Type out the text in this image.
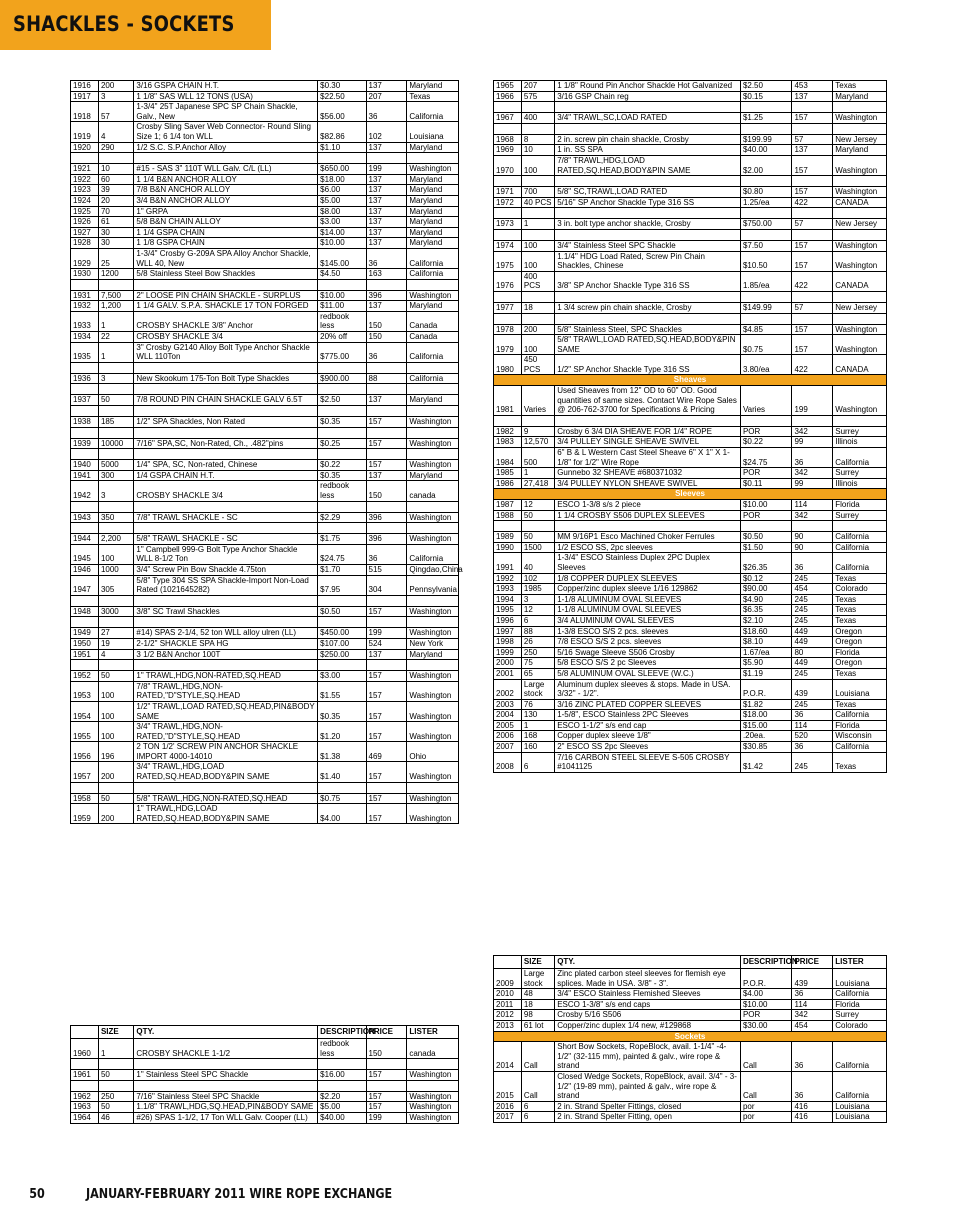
SHACKLES - SOCKETS
1916	200	3/16 GSPA CHAIN H.T.	$0.30	137	Maryland
1917	3	1 1/8" SAS WLL 12 TONS (USA)	$22.50	207	Texas
1918	57	1-3/4" 25T Japanese SPC SP Chain Shackle, Galv., New	$56.00	36	California
1919	4	Crosby Sling Saver Web Connector- Round Sling Size 1; 6 1/4 ton WLL	$82.86	102	Louisiana
1920	290	1/2 S.C. S.P.Anchor Alloy	$1.10	137	Maryland

1921	10	#15 - SAS 3" 110T WLL Galv. C/L (LL)	$650.00	199	Washington
1922	60	1 1/4 B&N ANCHOR ALLOY	$18.00	137	Maryland
1923	39	7/8 B&N ANCHOR ALLOY	$6.00	137	Maryland
1924	20	3/4 B&N ANCHOR ALLOY	$5.00	137	Maryland
1925	70	1" GRPA	$8.00	137	Maryland
1926	61	5/8 B&N CHAIN ALLOY	$3.00	137	Maryland
1927	30	1 1/4 GSPA CHAIN	$14.00	137	Maryland
1928	30	1 1/8 GSPA CHAIN	$10.00	137	Maryland
1929	25	1-3/4" Crosby G-209A SPA Alloy Anchor Shackle, WLL 40, New	$145.00	36	California
1930	1200	5/8 Stainless Steel Bow Shackles	$4.50	163	California

1931	7,500	2" LOOSE PIN CHAIN SHACKLE - SURPLUS	$10.00	396	Washington
1932	1,200	1 1/4 GALV. S.P.A. SHACKLE 17 TON FORGED	$11.00	137	Maryland
1933	1	CROSBY SHACKLE 3/8" Anchor	redbook less	150	Canada
1934	22	CROSBY SHACKLE 3/4	20% off	150	Canada
1935	1	3" Crosby G2140 Alloy Bolt Type Anchor Shackle WLL 110Ton	$775.00	36	California

1936	3	New Skookum 175-Ton Bolt Type Shackles	$900.00	88	California

1937	50	7/8 ROUND PIN CHAIN SHACKLE GALV 6.5T	$2.50	137	Maryland

1938	185	1/2" SPA Shackles, Non Rated	$0.35	157	Washington

1939	10000	7/16" SPA,SC, Non-Rated, Ch., .482"pins	$0.25	157	Washington

1940	5000	1/4" SPA, SC, Non-rated, Chinese	$0.22	157	Washington
1941	300	1/4 GSPA CHAIN H.T.	$0.35	137	Maryland
1942	3	CROSBY SHACKLE 3/4	redbook less	150	canada

1943	350	7/8" TRAWL SHACKLE - SC	$2.29	396	Washington

1944	2,200	5/8" TRAWL SHACKLE - SC	$1.75	396	Washington
1945	100	1" Campbell 999-G Bolt Type Anchor Shackle WLL 8-1/2 Ton	$24.75	36	California
1946	1000	3/4" Screw Pin Bow Shackle 4.75ton	$1.70	515	Qingdao,China
1947	305	5/8" Type 304 SS SPA Shackle-Import Non-Load Rated (1021645282)	$7.95	304	Pennsylvania

1948	3000	3/8" SC Trawl Shackles	$0.50	157	Washington

1949	27	#14) SPAS 2-1/4, 52 ton WLL alloy ulren (LL)	$450.00	199	Washington
1950	19	2-1/2" SHACKLE SPA HG	$107.00	524	New York
1951	4	3 1/2 B&N Anchor 100T	$250.00	137	Maryland

1952	50	1" TRAWL,HDG,NON-RATED,SQ.HEAD	$3.00	157	Washington
1953	100	7/8" TRAWL,HDG,NON-RATED,"D"STYLE,SQ.HEAD	$1.55	157	Washington
1954	100	1/2" TRAWL,LOAD RATED,SQ.HEAD,PIN&BODY SAME	$0.35	157	Washington
1955	100	3/4" TRAWL,HDG,NON-RATED,"D"STYLE,SQ.HEAD	$1.20	157	Washington
1956	196	2 TON 1/2' SCREW PIN ANCHOR SHACKLE IMPORT 4000-14010	$1.38	469	Ohio
1957	200	3/4" TRAWL,HDG,LOAD RATED,SQ.HEAD,BODY&PIN SAME	$1.40	157	Washington

1958	50	5/8" TRAWL,HDG,NON-RATED,SQ.HEAD	$0.75	157	Washington
1959	200	1" TRAWL,HDG,LOAD RATED,SQ.HEAD,BODY&PIN SAME	$4.00	157	Washington
	SIZE	QTY.	DESCRIPTION	PRICE	LISTER
1960	1	CROSBY SHACKLE 1-1/2	redbook less	150	canada

1961	50	1" Stainless Steel SPC Shackle	$16.00	157	Washington

1962	250	7/16" Stainless Steel SPC Shackle	$2.20	157	Washington
1963	50	1.1/8" TRAWL,HDG,SQ.HEAD,PIN&BODY SAME	$5.00	157	Washington
1964	46	#26) SPAS 1-1/2, 17 Ton WLL Galv. Cooper (LL)	$40.00	199	Washington
1965	207	1 1/8" Round Pin Anchor Shackle Hot Galvanized	$2.50	453	Texas
1966	575	3/16 GSP Chain reg	$0.15	137	Maryland

1967	400	3/4" TRAWL,SC,LOAD RATED	$1.25	157	Washington

1968	8	2 in. screw pin chain shackle, Crosby	$199.99	57	New Jersey
1969	10	1 in. SS SPA	$40.00	137	Maryland
1970	100	7/8" TRAWL,HDG,LOAD RATED,SQ.HEAD,BODY&PIN SAME	$2.00	157	Washington

1971	700	5/8" SC,TRAWL,LOAD RATED	$0.80	157	Washington
1972	40 PCS	5/16" SP Anchor Shackle Type 316 SS	1.25/ea	422	CANADA

1973	1	3 in. bolt type anchor shackle, Crosby	$750.00	57	New Jersey

1974	100	3/4" Stainless Steel SPC Shackle	$7.50	157	Washington
1975	100	1.1/4" HDG Load Rated, Screw Pin Chain Shackles, Chinese	$10.50	157	Washington
1976	400 PCS	3/8" SP Anchor Shackle Type 316 SS	1.85/ea	422	CANADA

1977	18	1 3/4 screw pin chain shackle, Crosby	$149.99	57	New Jersey

1978	200	5/8" Stainless Steel, SPC Shackles	$4.85	157	Washington
1979	100	5/8" TRAWL,LOAD RATED,SQ.HEAD,BODY&PIN SAME	$0.75	157	Washington
1980	450 PCS	1/2" SP Anchor Shackle Type 316 SS	3.80/ea	422	CANADA
Sheaves					
1981	Varies	Used Sheaves from 12" OD to 60" OD. Good quantities of same sizes. Contact Wire Rope Sales @ 206-762-3700 for Specifications & Pricing	Varies	199	Washington

1982	9	Crosby 6 3/4 DIA SHEAVE FOR 1/4" ROPE	POR	342	Surrey
1983	12,570	3/4 PULLEY SINGLE SHEAVE SWIVEL	$0.22	99	Illinois
1984	500	6" B & L Western Cast Steel Sheave 6" X 1" X 1-1/8" for 1/2" Wire Rope	$24.75	36	California
1985	1	Gunnebo 32 SHEAVE #680371032	POR	342	Surrey
1986	27,418	3/4 PULLEY NYLON SHEAVE SWIVEL	$0.11	99	Illinois
Sleeves					
1987	12	ESCO 1-3/8 s/s 2 piece	$10.00	114	Florida
1988	50	1 1/4 CROSBY S506 DUPLEX SLEEVES	POR	342	Surrey

1989	50	MM 9/16P1 Esco Machined Choker Ferrules	$0.50	90	California
1990	1500	1/2 ESCO SS, 2pc sleeves	$1.50	90	California
1991	40	1-3/4" ESCO Stainless Duplex 2PC Duplex Sleeves	$26.35	36	California
1992	102	1/8 COPPER DUPLEX SLEEVES	$0.12	245	Texas
1993	1985	Copper/zinc duplex sleeve 1/16 129862	$90.00	454	Colorado
1994	3	1-1/8 ALUMINUM OVAL SLEEVES	$4.90	245	Texas
1995	12	1-1/8 ALUMINUM OVAL SLEEVES	$6.35	245	Texas
1996	6	3/4 ALUMINUM OVAL SLEEVES	$2.10	245	Texas
1997	88	1-3/8 ESCO S/S 2 pcs. sleeves	$18.60	449	Oregon
1998	26	7/8 ESCO S/S 2 pcs. sleeves	$8.10	449	Oregon
1999	250	5/16 Swage Sleeve S506 Crosby	1.67/ea	80	Florida
2000	75	5/8 ESCO S/S 2 pc Sleeves	$5.90	449	Oregon
2001	65	5/8 ALUMINUM OVAL SLEEVE (W.C.)	$1.19	245	Texas
2002	Large stock	Aluminum duplex sleeves & stops. Made in USA. 3/32" - 1/2".	P.O.R.	439	Louisiana
2003	76	3/16 ZINC PLATED COPPER SLEEVES	$1.82	245	Texas
2004	130	1-5/8", ESCO Stainless 2PC Sleeves	$18.00	36	California
2005	1	ESCO 1-1/2" s/s end cap	$15.00	114	Florida
2006	168	Copper duplex sleeve 1/8"	.20ea.	520	Wisconsin
2007	160	2" ESCO SS 2pc Sleeves	$30.85	36	California
2008	6	7/16 CARBON STEEL SLEEVE S-505 CROSBY #1041125	$1.42	245	Texas
	SIZE	QTY.	DESCRIPTION	PRICE	LISTER
2009	Large stock	Zinc plated carbon steel sleeves for flemish eye splices. Made in USA. 3/8" - 3".	P.O.R.	439	Louisiana
2010	48	3/4" ESCO Stainless Flemished Sleeves	$4.00	36	California
2011	18	ESCO 1-3/8" s/s end caps	$10.00	114	Florida
2012	98	Crosby 5/16 S506	POR	342	Surrey
2013	61 lot	Copper/zinc duplex 1/4 new, #129868	$30.00	454	Colorado
Sockets					
2014	Call	Short Bow Sockets, RopeBlock, avail. 1-1/4" -4-1/2" (32-115 mm), painted & galv., wire rope & strand	Call	36	California
2015	Call	Closed Wedge Sockets, RopeBlock, avail. 3/4" - 3-1/2" (19-89 mm), painted & galv., wire rope & strand	Call	36	California
2016	6	2 in. Strand Spelter Fittings, closed	por	416	Louisiana
2017	6	2 in. Strand Spelter Fitting, open	por	416	Louisiana
50	JANUARY-FEBRUARY 2011 WIRE ROPE EXCHANGE
